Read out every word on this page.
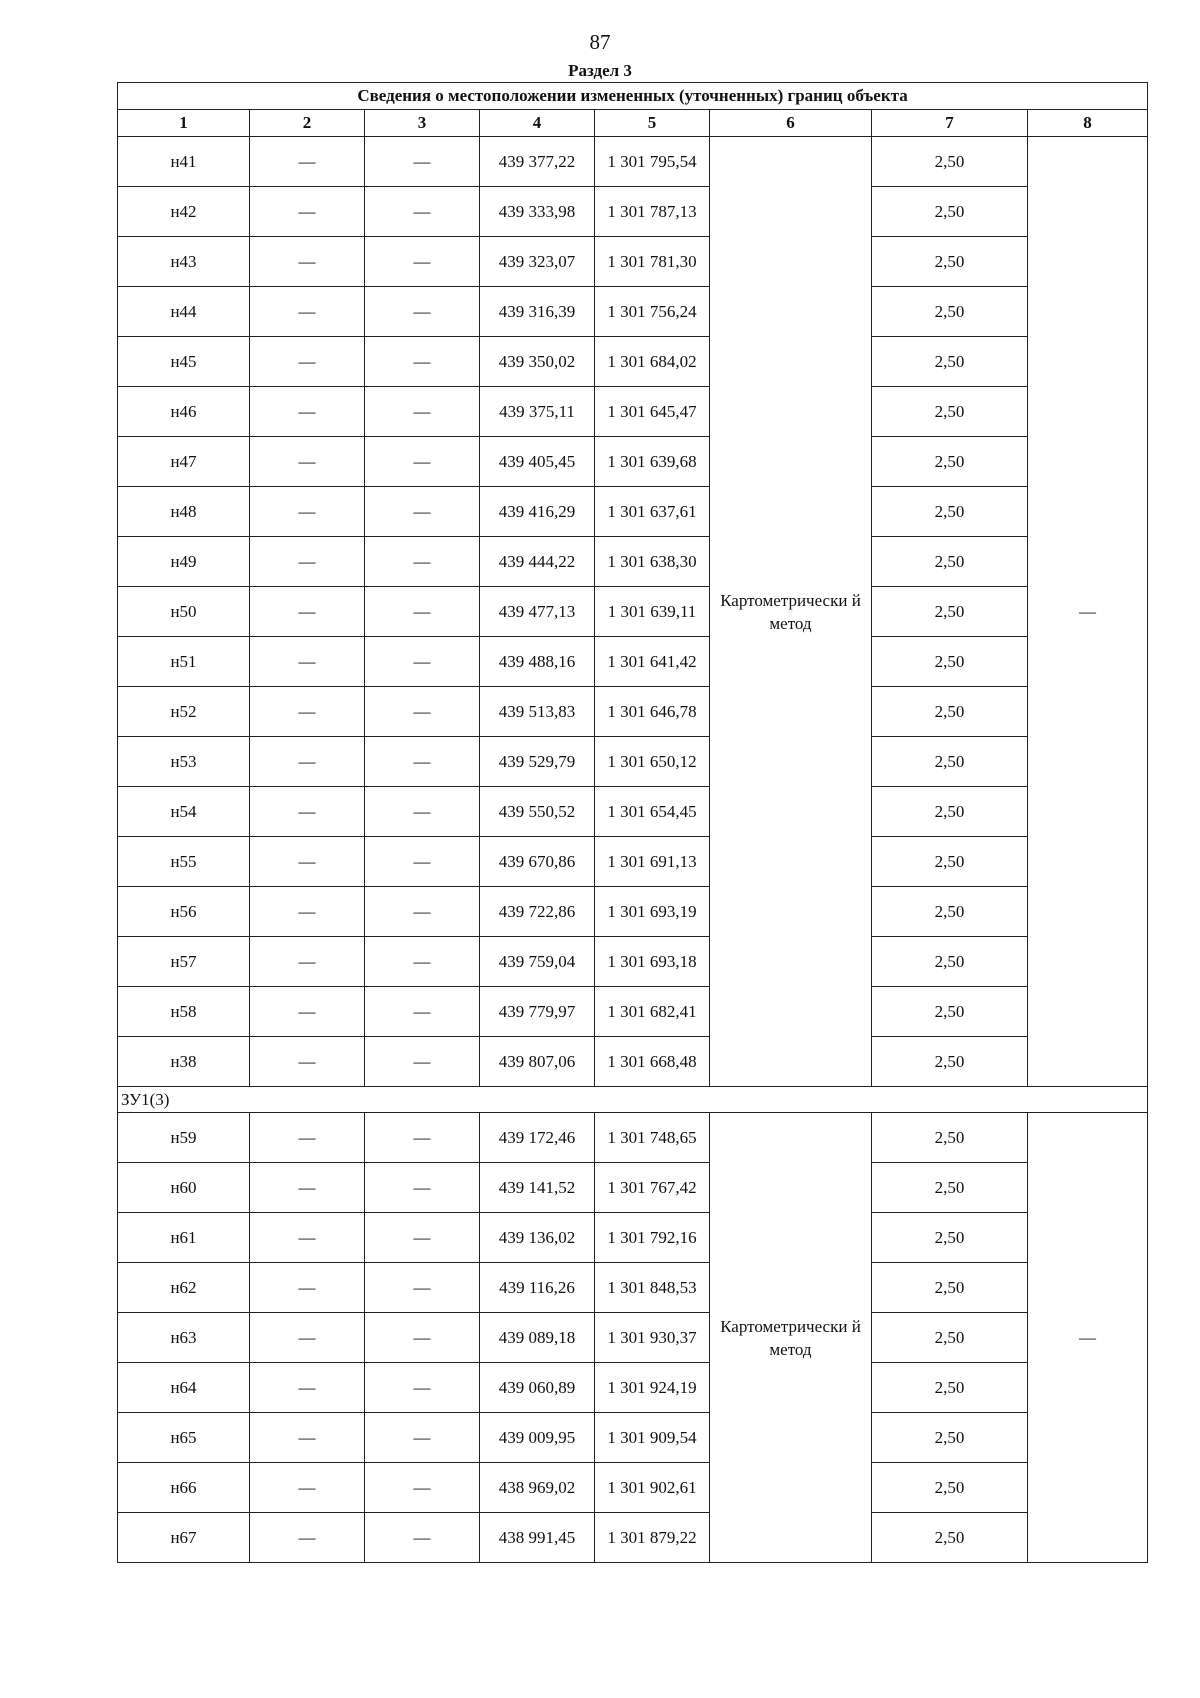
87
Раздел 3
Сведения о местоположении измененных (уточненных) границ объекта							
1	2	3	4	5	6	7	8
н41	—	—	439 377,22	1 301 795,54	Картометрически й метод	2,50	—
н42	—	—	439 333,98	1 301 787,13		2,50	
н43	—	—	439 323,07	1 301 781,30		2,50	
н44	—	—	439 316,39	1 301 756,24		2,50	
н45	—	—	439 350,02	1 301 684,02		2,50	
н46	—	—	439 375,11	1 301 645,47		2,50	
н47	—	—	439 405,45	1 301 639,68		2,50	
н48	—	—	439 416,29	1 301 637,61		2,50	
н49	—	—	439 444,22	1 301 638,30		2,50	
н50	—	—	439 477,13	1 301 639,11		2,50	
н51	—	—	439 488,16	1 301 641,42		2,50	
н52	—	—	439 513,83	1 301 646,78		2,50	
н53	—	—	439 529,79	1 301 650,12		2,50	
н54	—	—	439 550,52	1 301 654,45		2,50	
н55	—	—	439 670,86	1 301 691,13		2,50	
н56	—	—	439 722,86	1 301 693,19		2,50	
н57	—	—	439 759,04	1 301 693,18		2,50	
н58	—	—	439 779,97	1 301 682,41		2,50	
н38	—	—	439 807,06	1 301 668,48		2,50	
ЗУ1(3)							
н59	—	—	439 172,46	1 301 748,65	Картометрически й метод	2,50	—
н60	—	—	439 141,52	1 301 767,42		2,50	
н61	—	—	439 136,02	1 301 792,16		2,50	
н62	—	—	439 116,26	1 301 848,53		2,50	
н63	—	—	439 089,18	1 301 930,37		2,50	
н64	—	—	439 060,89	1 301 924,19		2,50	
н65	—	—	439 009,95	1 301 909,54		2,50	
н66	—	—	438 969,02	1 301 902,61		2,50	
н67	—	—	438 991,45	1 301 879,22		2,50	
